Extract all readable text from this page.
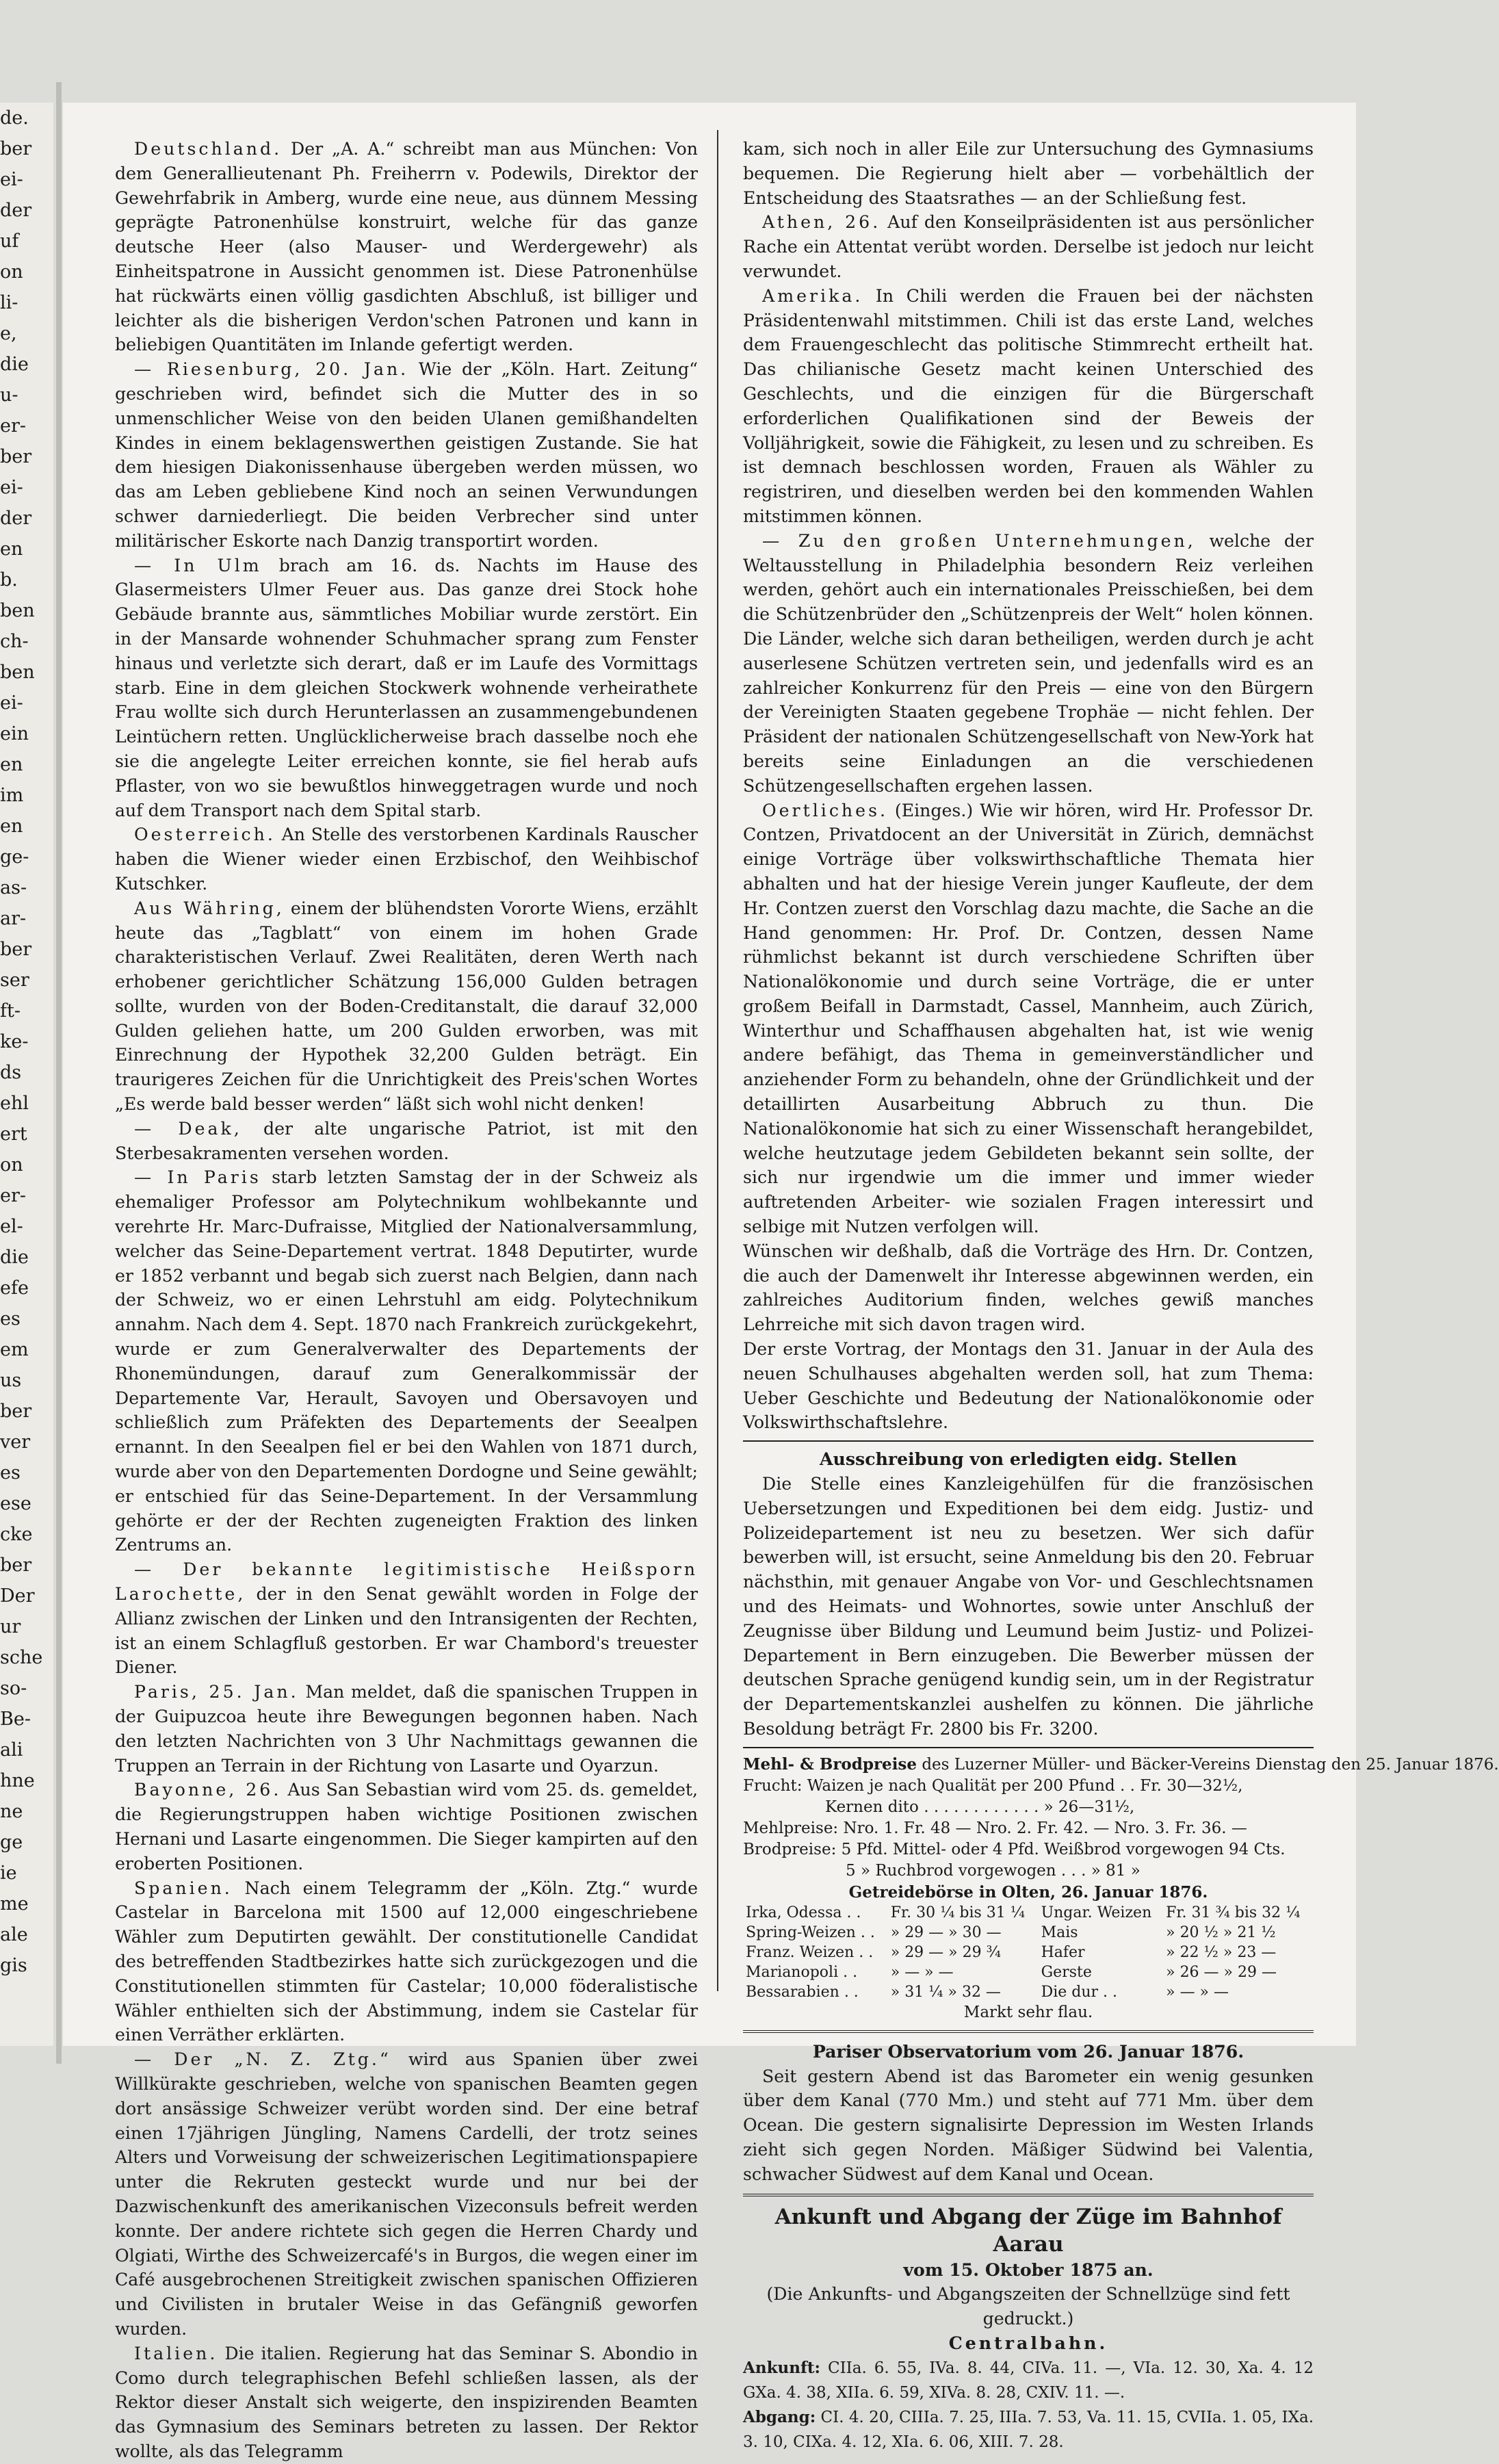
de.
ber
ei-
der
uf
on
li-
e,
die
u-
er-
ber
ei-
der
en
b.
ben
ch-
ben
ei-
ein
en
im
en
ge-
as-
ar-
ber
ser
ft-
ke-
ds
ehl
ert
on
er-
el-
die
efe
es
em
us
ber
ver
es
ese
cke
ber
Der
ur
sche
so-
Be-
ali
hne
ne
ge
ie
me
ale
gis

Deutschland. Der „A. A.“ schreibt man aus München: Von dem Generallieutenant Ph. Freiherrn v. Podewils, Direktor der Gewehrfabrik in Amberg, wurde eine neue, aus dünnem Messing geprägte Patronenhülse konstruirt, welche für das ganze deutsche Heer (also Mauser- und Werdergewehr) als Einheitspatrone in Aussicht genommen ist. Diese Patronenhülse hat rückwärts einen völlig gasdichten Abschluß, ist billiger und leichter als die bisherigen Verdon'schen Patronen und kann in beliebigen Quantitäten im Inlande gefertigt werden.

— Riesenburg, 20. Jan. Wie der „Köln. Hart. Zeitung“ geschrieben wird, befindet sich die Mutter des in so unmenschlicher Weise von den beiden Ulanen gemißhandelten Kindes in einem beklagenswerthen geistigen Zustande. Sie hat dem hiesigen Diakonissenhause übergeben werden müssen, wo das am Leben gebliebene Kind noch an seinen Verwundungen schwer darniederliegt. Die beiden Verbrecher sind unter militärischer Eskorte nach Danzig transportirt worden.

— In Ulm brach am 16. ds. Nachts im Hause des Glasermeisters Ulmer Feuer aus. Das ganze drei Stock hohe Gebäude brannte aus, sämmtliches Mobiliar wurde zerstört. Ein in der Mansarde wohnender Schuhmacher sprang zum Fenster hinaus und verletzte sich derart, daß er im Laufe des Vormittags starb. Eine in dem gleichen Stockwerk wohnende verheirathete Frau wollte sich durch Herunterlassen an zusammengebundenen Leintüchern retten. Unglücklicherweise brach dasselbe noch ehe sie die angelegte Leiter erreichen konnte, sie fiel herab aufs Pflaster, von wo sie bewußtlos hinweggetragen wurde und noch auf dem Transport nach dem Spital starb.

Oesterreich. An Stelle des verstorbenen Kardinals Rauscher haben die Wiener wieder einen Erzbischof, den Weihbischof Kutschker.

Aus Währing, einem der blühendsten Vororte Wiens, erzählt heute das „Tagblatt“ von einem im hohen Grade charakteristischen Verlauf. Zwei Realitäten, deren Werth nach erhobener gerichtlicher Schätzung 156,000 Gulden betragen sollte, wurden von der Boden-Creditanstalt, die darauf 32,000 Gulden geliehen hatte, um 200 Gulden erworben, was mit Einrechnung der Hypothek 32,200 Gulden beträgt. Ein traurigeres Zeichen für die Unrichtigkeit des Preis'schen Wortes „Es werde bald besser werden“ läßt sich wohl nicht denken!

— Deak, der alte ungarische Patriot, ist mit den Sterbesakramenten versehen worden.

— In Paris starb letzten Samstag der in der Schweiz als ehemaliger Professor am Polytechnikum wohlbekannte und verehrte Hr. Marc-Dufraisse, Mitglied der Nationalversammlung, welcher das Seine-Departement vertrat. 1848 Deputirter, wurde er 1852 verbannt und begab sich zuerst nach Belgien, dann nach der Schweiz, wo er einen Lehrstuhl am eidg. Polytechnikum annahm. Nach dem 4. Sept. 1870 nach Frankreich zurückgekehrt, wurde er zum Generalverwalter des Departements der Rhonemündungen, darauf zum Generalkommissär der Departemente Var, Herault, Savoyen und Obersavoyen und schließlich zum Präfekten des Departements der Seealpen ernannt. In den Seealpen fiel er bei den Wahlen von 1871 durch, wurde aber von den Departementen Dordogne und Seine gewählt; er entschied für das Seine-Departement. In der Versammlung gehörte er der der Rechten zugeneigten Fraktion des linken Zentrums an.

— Der bekannte legitimistische Heißsporn Larochette, der in den Senat gewählt worden in Folge der Allianz zwischen der Linken und den Intransigenten der Rechten, ist an einem Schlagfluß gestorben. Er war Chambord's treuester Diener.

Paris, 25. Jan. Man meldet, daß die spanischen Truppen in der Guipuzcoa heute ihre Bewegungen begonnen haben. Nach den letzten Nachrichten von 3 Uhr Nachmittags gewannen die Truppen an Terrain in der Richtung von Lasarte und Oyarzun.

Bayonne, 26. Aus San Sebastian wird vom 25. ds. gemeldet, die Regierungstruppen haben wichtige Positionen zwischen Hernani und Lasarte eingenommen. Die Sieger kampirten auf den eroberten Positionen.

Spanien. Nach einem Telegramm der „Köln. Ztg.“ wurde Castelar in Barcelona mit 1500 auf 12,000 eingeschriebene Wähler zum Deputirten gewählt. Der constitutionelle Candidat des betreffenden Stadtbezirkes hatte sich zurückgezogen und die Constitutionellen stimmten für Castelar; 10,000 föderalistische Wähler enthielten sich der Abstimmung, indem sie Castelar für einen Verräther erklärten.

— Der „N. Z. Ztg.“ wird aus Spanien über zwei Willkürakte geschrieben, welche von spanischen Beamten gegen dort ansässige Schweizer verübt worden sind. Der eine betraf einen 17jährigen Jüngling, Namens Cardelli, der trotz seines Alters und Vorweisung der schweizerischen Legitimationspapiere unter die Rekruten gesteckt wurde und nur bei der Dazwischenkunft des amerikanischen Vizeconsuls befreit werden konnte. Der andere richtete sich gegen die Herren Chardy und Olgiati, Wirthe des Schweizercafé's in Burgos, die wegen einer im Café ausgebrochenen Streitigkeit zwischen spanischen Offizieren und Civilisten in brutaler Weise in das Gefängniß geworfen wurden.

Italien. Die italien. Regierung hat das Seminar S. Abondio in Como durch telegraphischen Befehl schließen lassen, als der Rektor dieser Anstalt sich weigerte, den inspizirenden Beamten das Gymnasium des Seminars betreten zu lassen. Der Rektor wollte, als das Telegramm

kam, sich noch in aller Eile zur Untersuchung des Gymnasiums bequemen. Die Regierung hielt aber — vorbehältlich der Entscheidung des Staatsrathes — an der Schließung fest.

Athen, 26. Auf den Konseilpräsidenten ist aus persönlicher Rache ein Attentat verübt worden. Derselbe ist jedoch nur leicht verwundet.

Amerika. In Chili werden die Frauen bei der nächsten Präsidentenwahl mitstimmen. Chili ist das erste Land, welches dem Frauengeschlecht das politische Stimmrecht ertheilt hat. Das chilianische Gesetz macht keinen Unterschied des Geschlechts, und die einzigen für die Bürgerschaft erforderlichen Qualifikationen sind der Beweis der Volljährigkeit, sowie die Fähigkeit, zu lesen und zu schreiben. Es ist demnach beschlossen worden, Frauen als Wähler zu registriren, und dieselben werden bei den kommenden Wahlen mitstimmen können.

— Zu den großen Unternehmungen, welche der Weltausstellung in Philadelphia besondern Reiz verleihen werden, gehört auch ein internationales Preisschießen, bei dem die Schützenbrüder den „Schützenpreis der Welt“ holen können. Die Länder, welche sich daran betheiligen, werden durch je acht auserlesene Schützen vertreten sein, und jedenfalls wird es an zahlreicher Konkurrenz für den Preis — eine von den Bürgern der Vereinigten Staaten gegebene Trophäe — nicht fehlen. Der Präsident der nationalen Schützengesellschaft von New-York hat bereits seine Einladungen an die verschiedenen Schützengesellschaften ergehen lassen.

Oertliches. (Einges.) Wie wir hören, wird Hr. Professor Dr. Contzen, Privatdocent an der Universität in Zürich, demnächst einige Vorträge über volkswirthschaftliche Themata hier abhalten und hat der hiesige Verein junger Kaufleute, der dem Hr. Contzen zuerst den Vorschlag dazu machte, die Sache an die Hand genommen: Hr. Prof. Dr. Contzen, dessen Name rühmlichst bekannt ist durch verschiedene Schriften über Nationalökonomie und durch seine Vorträge, die er unter großem Beifall in Darmstadt, Cassel, Mannheim, auch Zürich, Winterthur und Schaffhausen abgehalten hat, ist wie wenig andere befähigt, das Thema in gemeinverständlicher und anziehender Form zu behandeln, ohne der Gründlichkeit und der detaillirten Ausarbeitung Abbruch zu thun. Die Nationalökonomie hat sich zu einer Wissenschaft herangebildet, welche heutzutage jedem Gebildeten bekannt sein sollte, der sich nur irgendwie um die immer und immer wieder auftretenden Arbeiter- wie sozialen Fragen interessirt und selbige mit Nutzen verfolgen will.

Wünschen wir deßhalb, daß die Vorträge des Hrn. Dr. Contzen, die auch der Damenwelt ihr Interesse abgewinnen werden, ein zahlreiches Auditorium finden, welches gewiß manches Lehrreiche mit sich davon tragen wird.

Der erste Vortrag, der Montags den 31. Januar in der Aula des neuen Schulhauses abgehalten werden soll, hat zum Thema: Ueber Geschichte und Bedeutung der Nationalökonomie oder Volkswirthschaftslehre.

Ausschreibung von erledigten eidg. Stellen

Die Stelle eines Kanzleigehülfen für die französischen Uebersetzungen und Expeditionen bei dem eidg. Justiz- und Polizeidepartement ist neu zu besetzen. Wer sich dafür bewerben will, ist ersucht, seine Anmeldung bis den 20. Februar nächsthin, mit genauer Angabe von Vor- und Geschlechtsnamen und des Heimats- und Wohnortes, sowie unter Anschluß der Zeugnisse über Bildung und Leumund beim Justiz- und Polizei-Departement in Bern einzugeben. Die Bewerber müssen der deutschen Sprache genügend kundig sein, um in der Registratur der Departementskanzlei aushelfen zu können. Die jährliche Besoldung beträgt Fr. 2800 bis Fr. 3200.

Mehl- & Brodpreise des Luzerner Müller- und Bäcker-Vereins Dienstag den 25. Januar 1876.

Frucht: Waizen je nach Qualität per 200 Pfund . . Fr. 30—32½,

Kernen dito . . . . . . . . . . . . » 26—31½,

Mehlpreise: Nro. 1. Fr. 48 — Nro. 2. Fr. 42. — Nro. 3. Fr. 36. —

Brodpreise: 5 Pfd. Mittel- oder 4 Pfd. Weißbrod vorgewogen 94 Cts.

5 » Ruchbrod vorgewogen . . . » 81 »

Getreidebörse in Olten, 26. Januar 1876.

Irka, Odessa . .	Fr. 30 ¼ bis 31 ¼	Ungar. Weizen	Fr. 31 ¾ bis 32 ¼
Spring-Weizen . .	» 29 — » 30 —	Mais	» 20 ½ » 21 ½
Franz. Weizen . .	» 29 — » 29 ¾	Hafer	» 22 ½ » 23 —
Marianopoli . .	» — » —	Gerste	» 26 — » 29 —
Bessarabien . .	» 31 ¼ » 32 —	Die dur . .	» — » —

Markt sehr flau.

Pariser Observatorium vom 26. Januar 1876.

Seit gestern Abend ist das Barometer ein wenig gesunken über dem Kanal (770 Mm.) und steht auf 771 Mm. über dem Ocean. Die gestern signalisirte Depression im Westen Irlands zieht sich gegen Norden. Mäßiger Südwind bei Valentia, schwacher Südwest auf dem Kanal und Ocean.

Ankunft und Abgang der Züge im Bahnhof Aarau

vom 15. Oktober 1875 an.

(Die Ankunfts- und Abgangszeiten der Schnellzüge sind fett gedruckt.)

Centralbahn.

Ankunft: CIIa. 6. 55, IVa. 8. 44, CIVa. 11. —, VIa. 12. 30, Xa. 4. 12 GXa. 4. 38, XIIa. 6. 59, XIVa. 8. 28, CXIV. 11. —.

Abgang: CI. 4. 20, CIIIa. 7. 25, IIIa. 7. 53, Va. 11. 15, CVIIa. 1. 05, IXa. 3. 10, CIXa. 4. 12, XIa. 6. 06, XIII. 7. 28.
